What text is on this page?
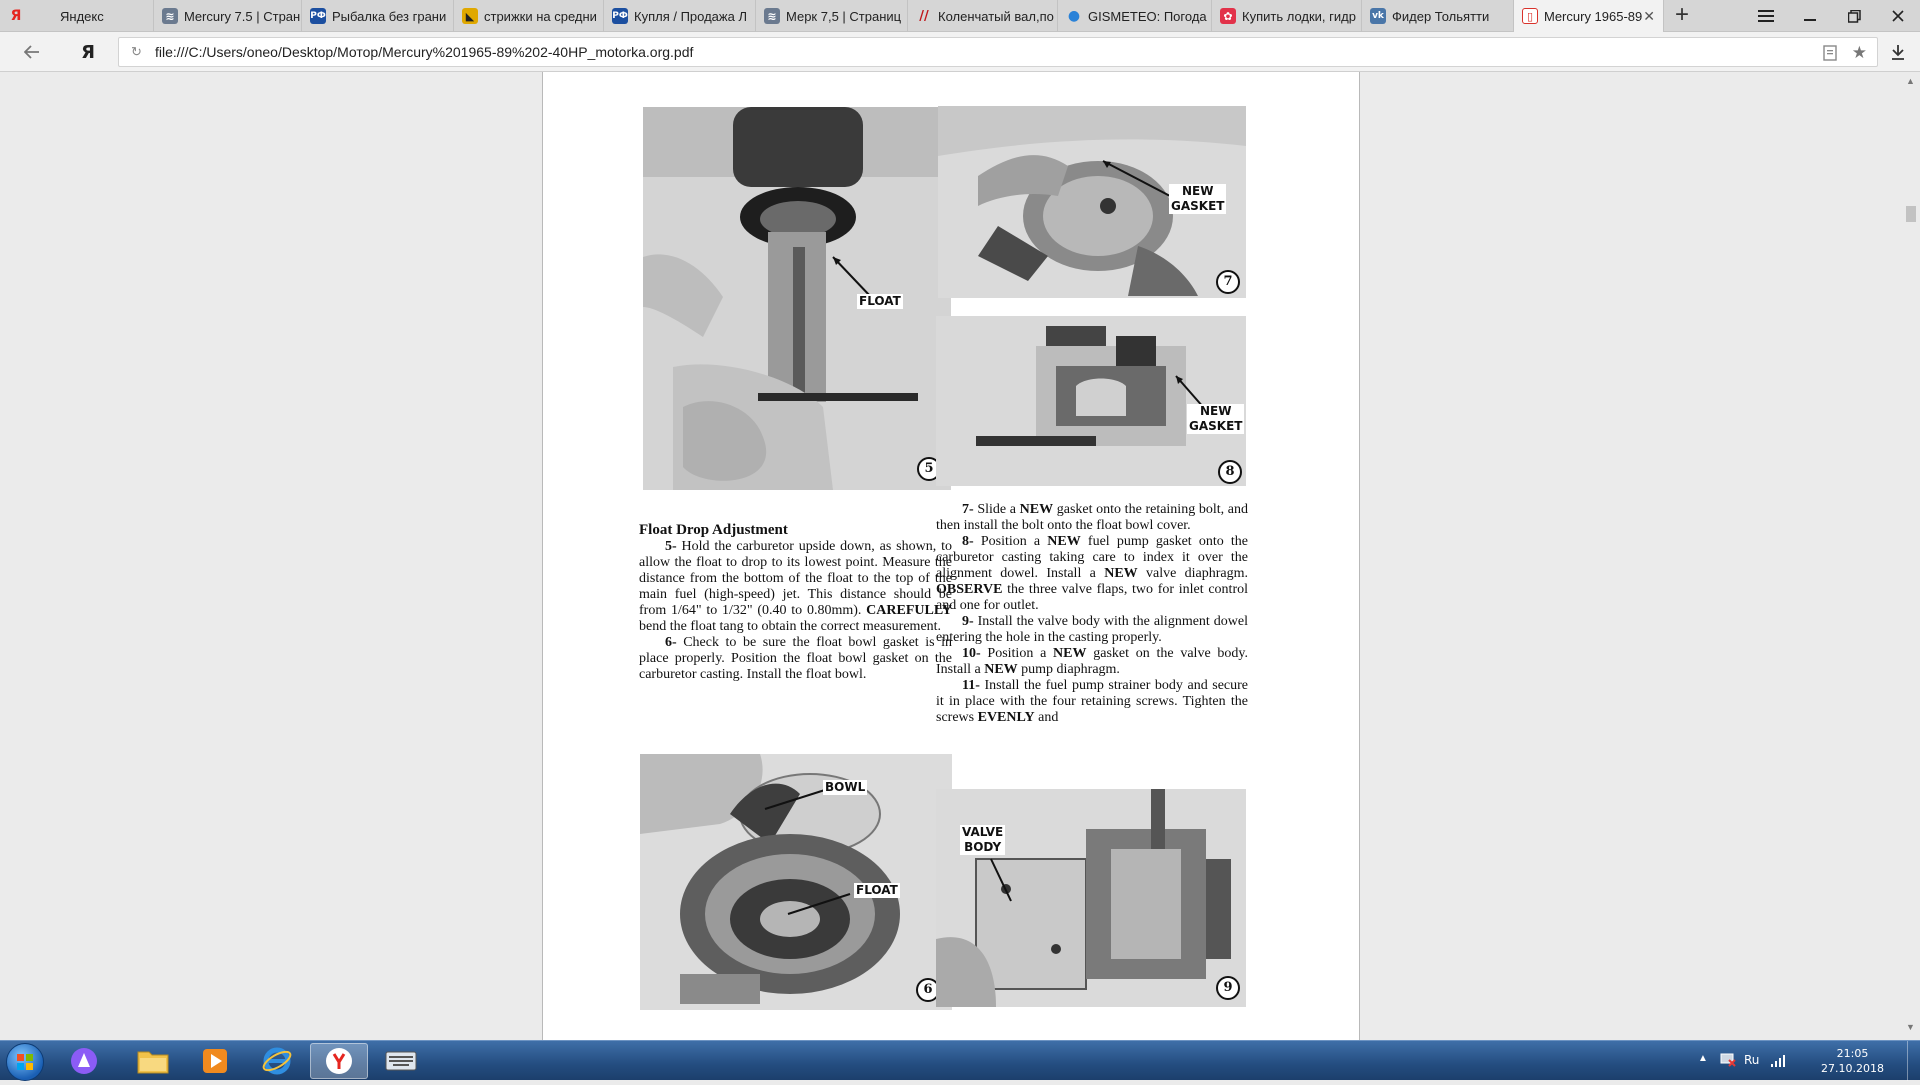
Я	Яндекс	≋ Mercury 7.5 | Стран РФ Рыбалка без грани	◣ стрижки на средни РФ Купля / Продажа Л	≋ Мерк 7,5 | Страниц // Коленчатый вал,по ● GISMETEO: Погода	✿ Купить лодки, гидр vk Фидер Тольятти	▯ Mercury 1965-89 ✕ +
Я	↻ file:///C:/Users/oneo/Desktop/Мотор/Mercury%201965-89%202-40HP_motorka.org.pdf	★
FLOAT
5
NEW
GASKET
7
NEW
GASKET
8
BOWL
FLOAT
6
VALVE
BODY
9
Float Drop Adjustment

5- Hold the carburetor upside down, as shown, to allow the float to drop to its lowest point. Measure the distance from the bottom of the float to the top of the main fuel (high-speed) jet. This distance should be from 1/64" to 1/32" (0.40 to 0.80mm). CAREFULLY bend the float tang to obtain the correct measurement.

6- Check to be sure the float bowl gasket is in place properly. Position the float bowl gasket on the carburetor casting. Install the float bowl.

7- Slide a NEW gasket onto the retaining bolt, and then install the bolt onto the float bowl cover.

8- Position a NEW fuel pump gasket onto the carburetor casting taking care to index it over the alignment dowel. Install a NEW valve diaphragm. OBSERVE the three valve flaps, two for inlet control and one for outlet.

9- Install the valve body with the alignment dowel entering the hole in the casting properly.

10- Position a NEW gasket on the valve body. Install a NEW pump diaphragm.

11- Install the fuel pump strainer body and secure it in place with the four retaining screws. Tighten the screws EVENLY and

▲
▼
▲	Ru	21:05
27.10.2018
